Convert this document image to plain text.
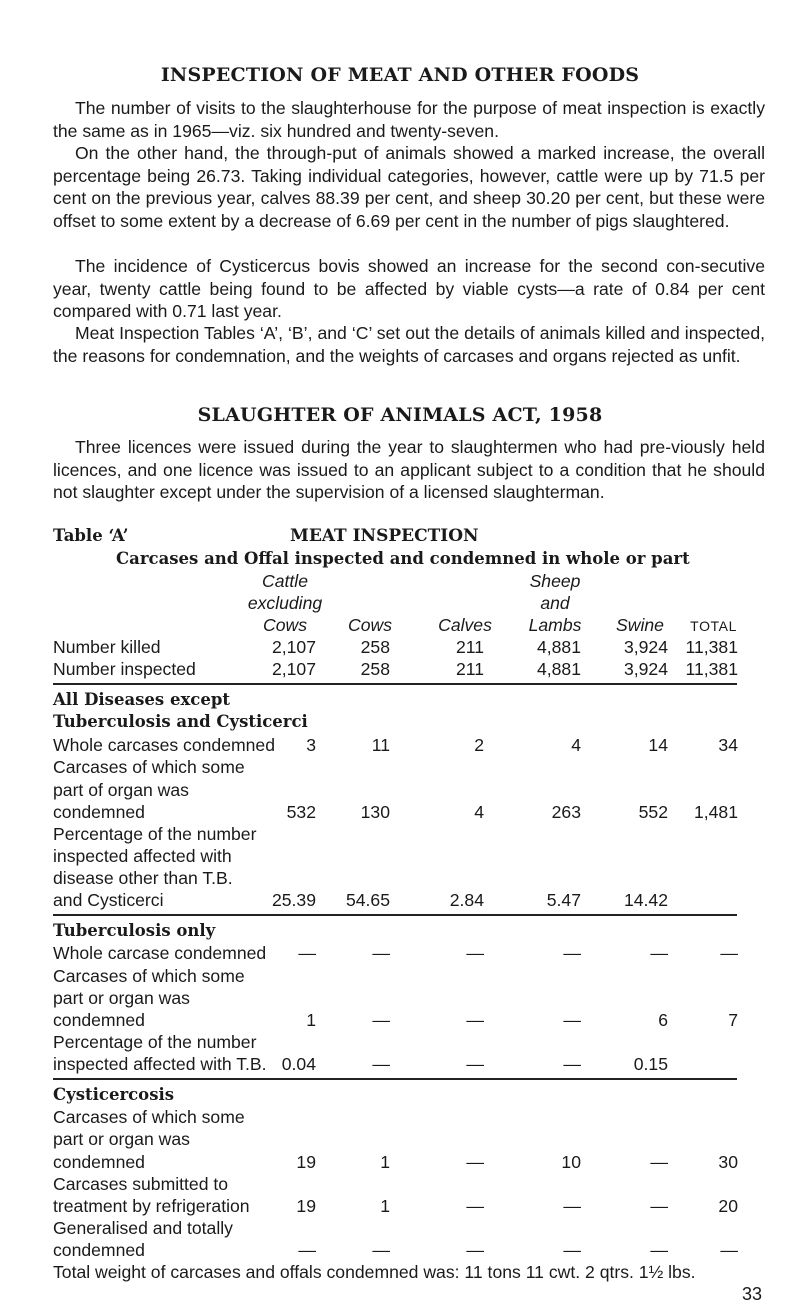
INSPECTION OF MEAT AND OTHER FOODS

The number of visits to the slaughterhouse for the purpose of meat inspection is exactly the same as in 1965—viz. six hundred and twenty-seven.

On the other hand, the through-put of animals showed a marked increase, the overall percentage being 26.73. Taking individual categories, however, cattle were up by 71.5 per cent on the previous year, calves 88.39 per cent, and sheep 30.20 per cent, but these were offset to some extent by a decrease of 6.69 per cent in the number of pigs slaughtered.

The incidence of Cysticercus bovis showed an increase for the second con-secutive year, twenty cattle being found to be affected by viable cysts—a rate of 0.84 per cent compared with 0.71 last year.

Meat Inspection Tables ‘A’, ‘B’, and ‘C’ set out the details of animals killed and inspected, the reasons for condemnation, and the weights of carcases and organs rejected as unfit.

SLAUGHTER OF ANIMALS ACT, 1958

Three licences were issued during the year to slaughtermen who had pre-viously held licences, and one licence was issued to an applicant subject to a condition that he should not slaughter except under the supervision of a licensed slaughterman.

Table ‘A’	MEAT INSPECTION
Carcases and Offal inspected and condemned in whole or part
Cattle
excluding
Cows	Cows	Calves
Sheep
and
Lambs	Swine	TOTAL
Number killed	2,107	258	211	4,881	3,924 11,381
Number inspected	2,107	258	211	4,881	3,924 11,381
All Diseases except
Tuberculosis and Cysticerci
Whole carcases condemned	3	11	2	4	14	34
Carcases of which some
part of organ was
condemned	532	130	4	263	552	1,481
Percentage of the number
inspected affected with
disease other than T.B.
and Cysticerci	25.39	54.65	2.84	5.47	14.42
Tuberculosis only
Whole carcase condemned	—	—	—	—	—	—
Carcases of which some
part or organ was
condemned	1	—	—	—	6	7
Percentage of the number
inspected affected with T.B. 0.04	—	—	—	0.15
Cysticercosis
Carcases of which some
part or organ was
condemned	19	1	—	10	—	30
Carcases submitted to
treatment by refrigeration	19	1	—	—	—	20
Generalised and totally
condemned	—	—	—	—	—	—
Total weight of carcases and offals condemned was: 11 tons 11 cwt. 2 qtrs. 1½ lbs.
33
